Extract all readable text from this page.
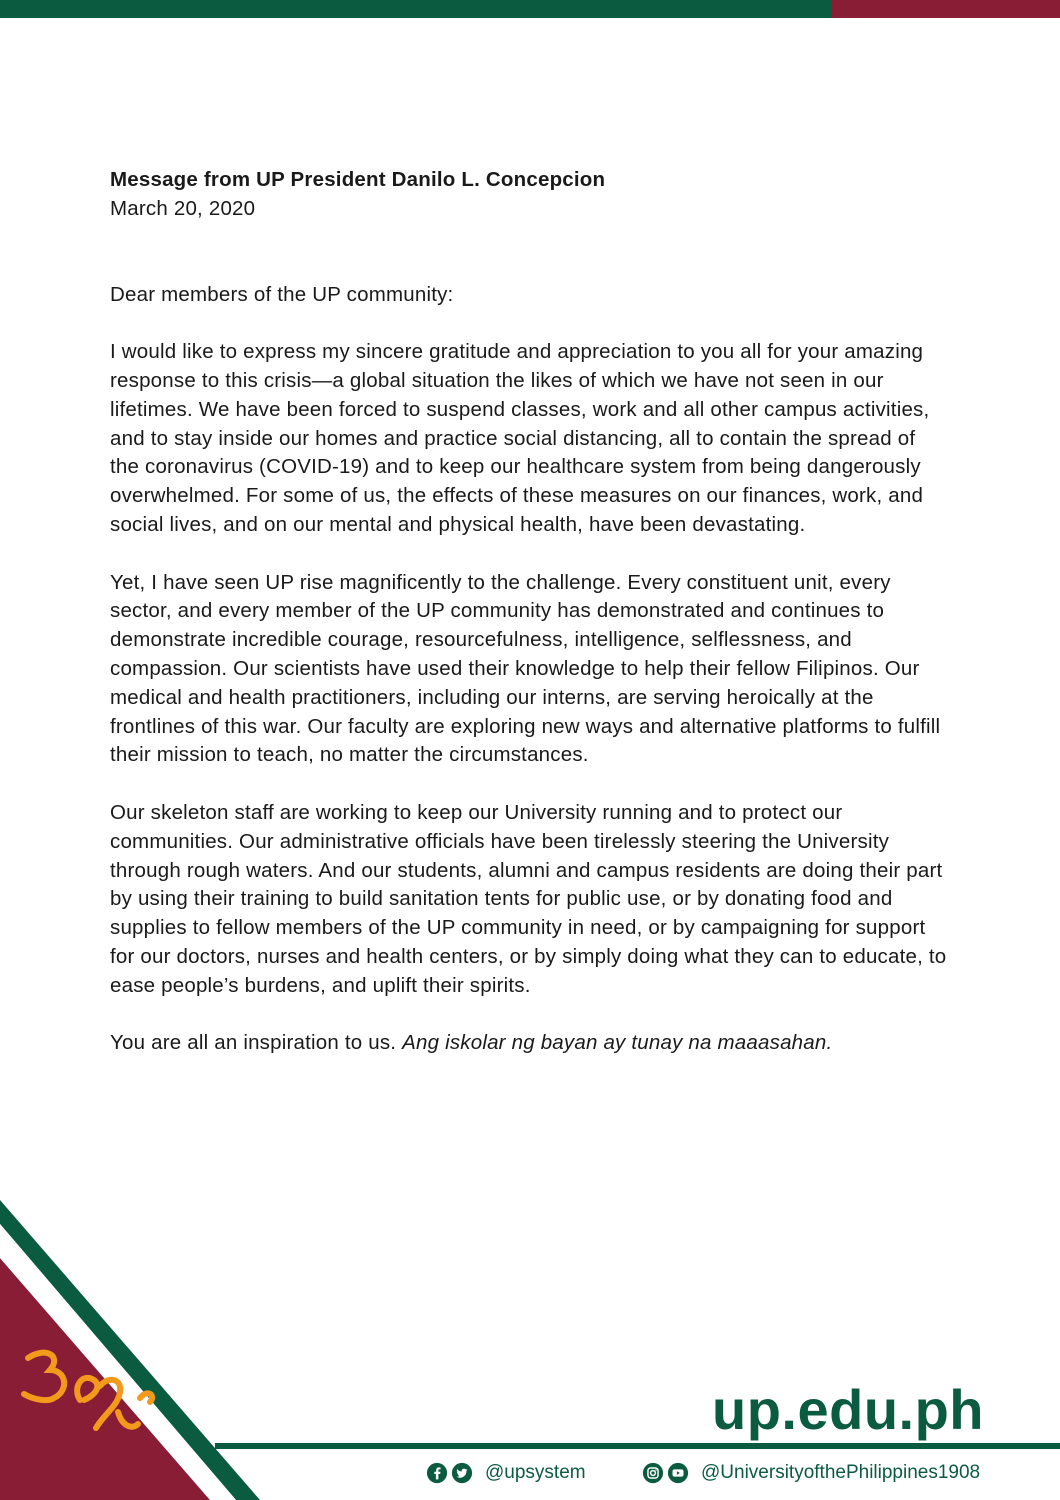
Message from UP President Danilo L. Concepcion

March 20, 2020

Dear members of the UP community:

I would like to express my sincere gratitude and appreciation to you all for your amazing response to this crisis—a global situation the likes of which we have not seen in our lifetimes. We have been forced to suspend classes, work and all other campus activities, and to stay inside our homes and practice social distancing, all to contain the spread of the coronavirus (COVID-19) and to keep our healthcare system from being dangerously overwhelmed. For some of us, the effects of these measures on our finances, work, and social lives, and on our mental and physical health, have been devastating.

Yet, I have seen UP rise magnificently to the challenge. Every constituent unit, every sector, and every member of the UP community has demonstrated and continues to demonstrate incredible courage, resourcefulness, intelligence, selflessness, and compassion. Our scientists have used their knowledge to help their fellow Filipinos. Our medical and health practitioners, including our interns, are serving heroically at the frontlines of this war. Our faculty are exploring new ways and alternative platforms to fulfill their mission to teach, no matter the circumstances.

Our skeleton staff are working to keep our University running and to protect our communities. Our administrative officials have been tirelessly steering the University through rough waters. And our students, alumni and campus residents are doing their part by using their training to build sanitation tents for public use, or by donating food and supplies to fellow members of the UP community in need, or by campaigning for support for our doctors, nurses and health centers, or by simply doing what they can to educate, to ease people’s burdens, and uplift their spirits.

You are all an inspiration to us. Ang iskolar ng bayan ay tunay na maaasahan.

up.edu.ph
@upsystem	@UniversityofthePhilippines1908
